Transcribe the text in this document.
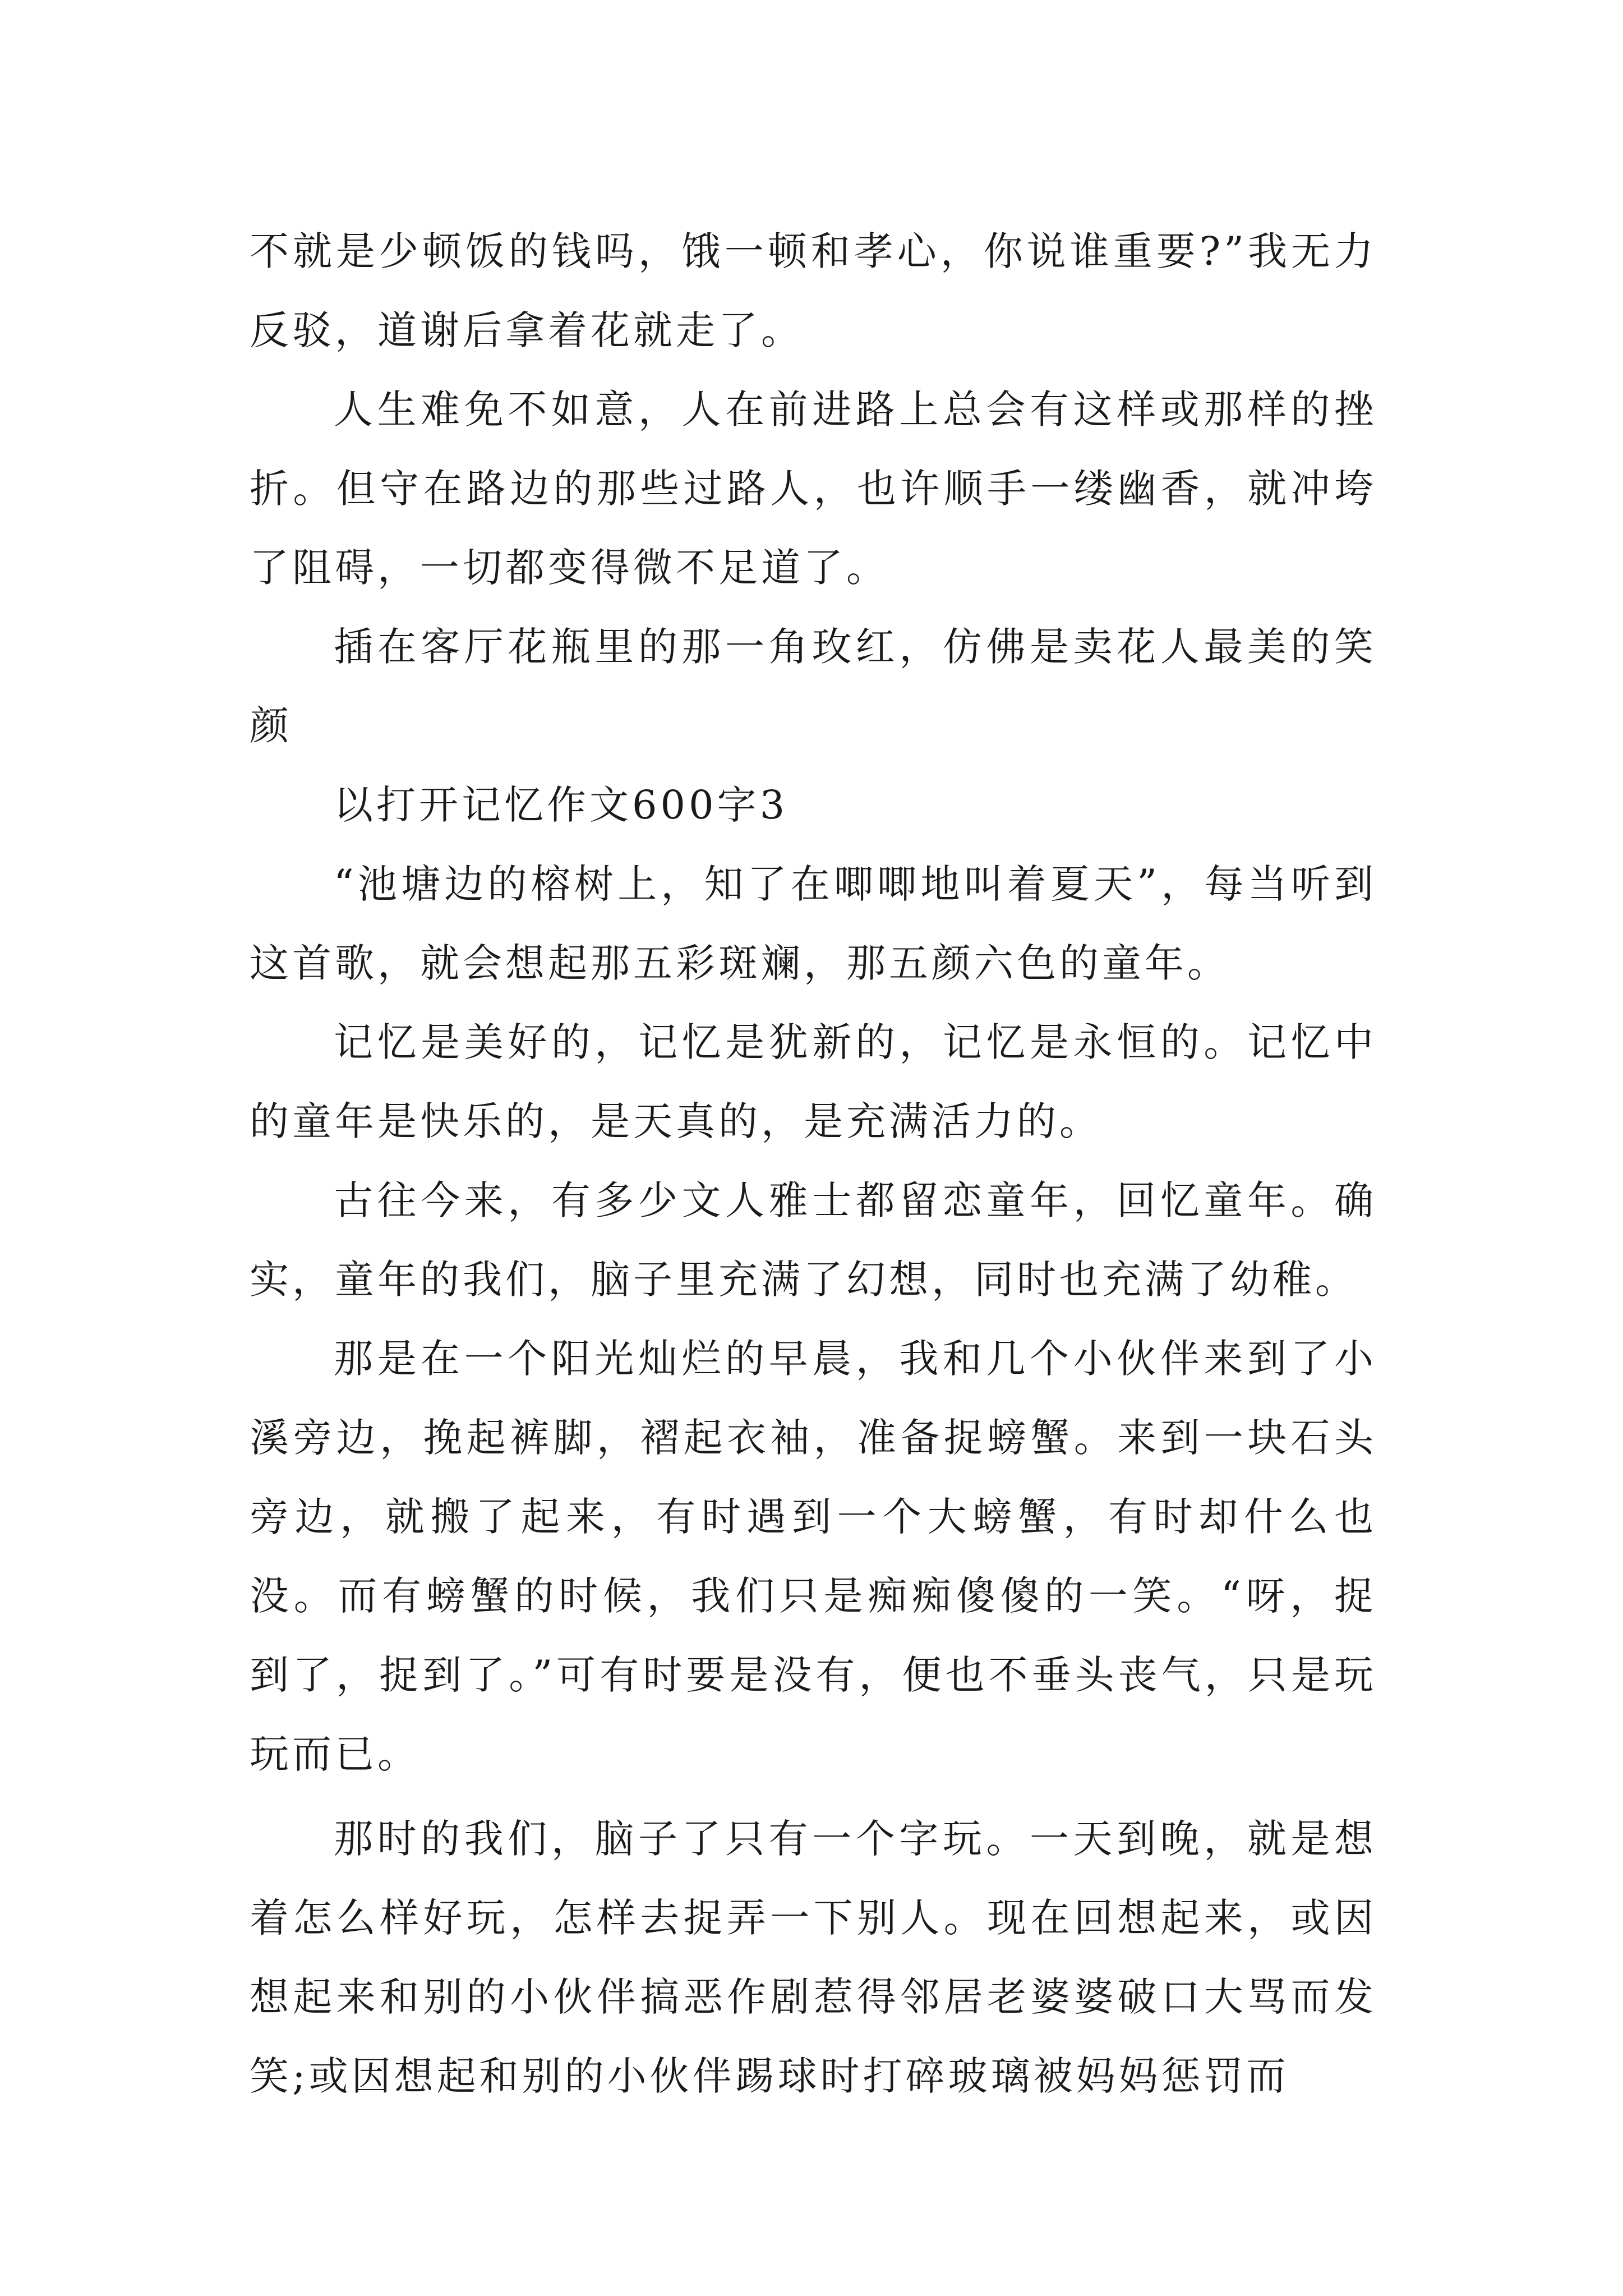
不就是少顿饭的钱吗，饿一顿和孝心，你说谁重要?”我无力反驳，道谢后拿着花就走了。

人生难免不如意，人在前进路上总会有这样或那样的挫折。但守在路边的那些过路人，也许顺手一缕幽香，就冲垮了阻碍，一切都变得微不足道了。

插在客厅花瓶里的那一角玫红，仿佛是卖花人最美的笑颜

以打开记忆作文600字3

“池塘边的榕树上，知了在唧唧地叫着夏天”，每当听到这首歌，就会想起那五彩斑斓，那五颜六色的童年。

记忆是美好的，记忆是犹新的，记忆是永恒的。记忆中的童年是快乐的，是天真的，是充满活力的。

古往今来，有多少文人雅士都留恋童年，回忆童年。确实，童年的我们，脑子里充满了幻想，同时也充满了幼稚。

那是在一个阳光灿烂的早晨，我和几个小伙伴来到了小溪旁边，挽起裤脚，褶起衣袖，准备捉螃蟹。来到一块石头旁边，就搬了起来，有时遇到一个大螃蟹，有时却什么也没。而有螃蟹的时候，我们只是痴痴傻傻的一笑。“呀，捉到了，捉到了。”可有时要是没有，便也不垂头丧气，只是玩玩而已。

那时的我们，脑子了只有一个字玩。一天到晚，就是想着怎么样好玩，怎样去捉弄一下别人。现在回想起来，或因想起来和别的小伙伴搞恶作剧惹得邻居老婆婆破口大骂而发笑;或因想起和别的小伙伴踢球时打碎玻璃被妈妈惩罚而
